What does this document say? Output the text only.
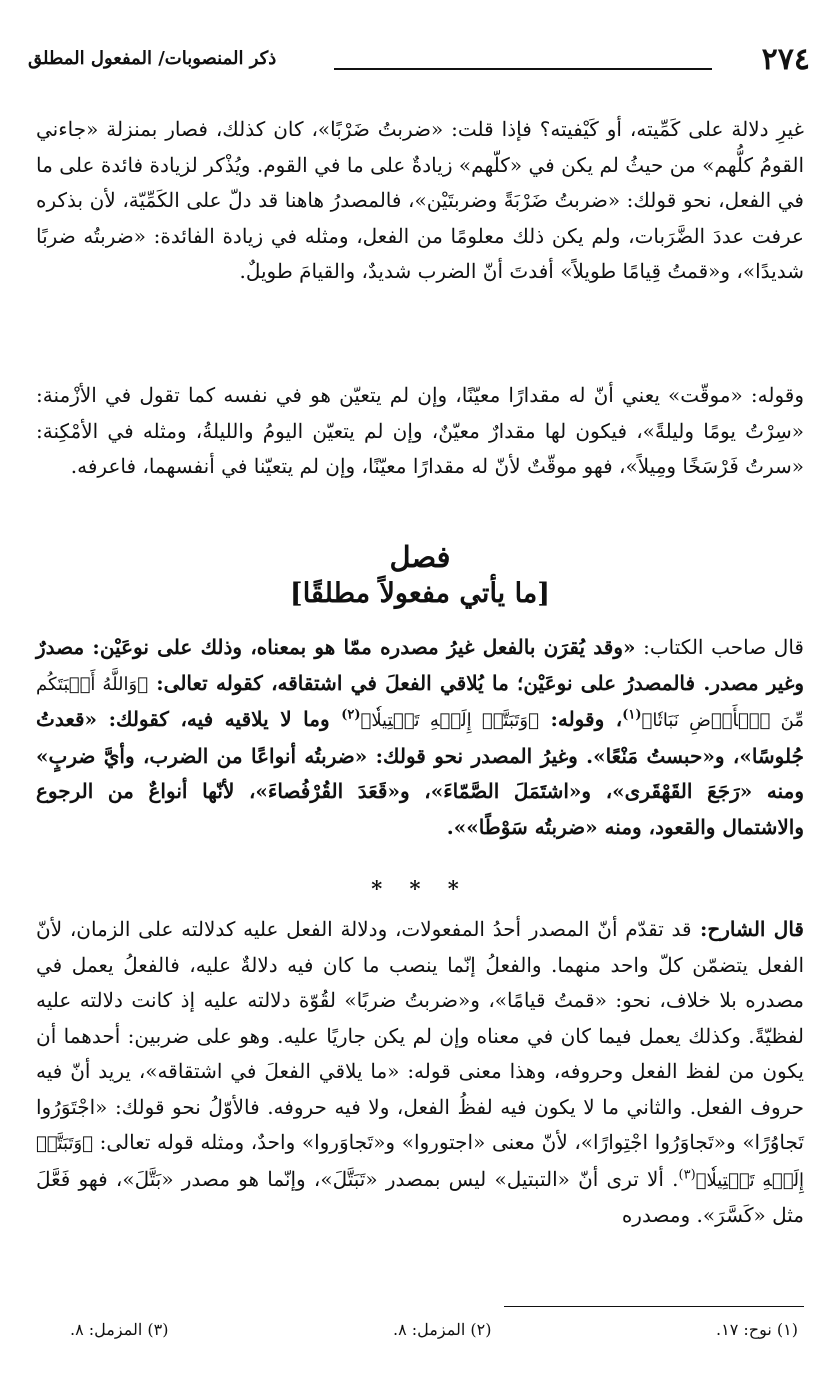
٢٧٤
ذكر المنصوبات/ المفعول المطلق

غيرِ دلالة على كَمِّيته، أو كَيْفيته؟ فإذا قلت: «ضربتُ ضَرْبًا»، كان كذلك، فصار بمنزلة «جاءني القومُ كلُّهم» من حيثُ لم يكن في «كلّهم» زيادةٌ على ما في القوم. ويُذْكر لزيادة فائدة على ما في الفعل، نحو قولك: «ضربتُ ضَرْبَةً وضربتَيْن»، فالمصدرُ هاهنا قد دلّ على الكَمِّيّة، لأن بذكره عرفت عددَ الضَّرَبات، ولم يكن ذلك معلومًا من الفعل، ومثله في زيادة الفائدة: «ضربتُه ضربًا شديدًا»، و«قمتُ قِيامًا طويلاً» أفدتَ أنّ الضرب شديدٌ، والقيامَ طويلٌ.

وقوله: «موقّت» يعني أنّ له مقدارًا معيّنًا، وإن لم يتعيّن هو في نفسه كما تقول في الأزْمنة: «سِرْتُ يومًا وليلةً»، فيكون لها مقدارٌ معيّنٌ، وإن لم يتعيّن اليومُ والليلةُ، ومثله في الأمْكِنة: «سرتُ فَرْسَخًا ومِيلاً»، فهو موقّتٌ لأنّ له مقدارًا معيّنًا، وإن لم يتعيّنا في أنفسهما، فاعرفه.

فصل
[ما يأتي مفعولاً مطلقًا]

قال صاحب الكتاب: «وقد يُقرَن بالفعل غيرُ مصدره ممّا هو بمعناه، وذلك على نوعَيْن: مصدرٌ وغير مصدر. فالمصدرُ على نوعَيْن؛ ما يُلاقي الفعلَ في اشتقاقه، كقوله تعالى: ﴿وَاللَّهُ أَنۢبَتَكُم مِّنَ ٱلۡأَرۡضِ نَبَاتٗا﴾$^{(١)}$، وقوله: ﴿وَتَبَتَّلۡ إِلَيۡهِ تَبۡتِيلٗا﴾$^{(٢)}$ وما لا يلاقيه فيه، كقولك: «قعدتُ جُلوسًا»، و«حبستُ مَنْعًا». وغيرُ المصدر نحو قولك: «ضربتُه أنواعًا من الضرب، وأيَّ ضربٍ» ومنه «رَجَعَ القَهْقَرى»، و«اشتَمَلَ الصَّمّاءَ»، و«قَعَدَ القُرْفُصاءَ»، لأنّها أنواعٌ من الرجوع والاشتمال والقعود، ومنه «ضربتُه سَوْطًا»».

* * *

قال الشارح: قد تقدّم أنّ المصدر أحدُ المفعولات، ودلالة الفعل عليه كدلالته على الزمان، لأنّ الفعل يتضمّن كلّ واحد منهما. والفعلُ إنّما ينصب ما كان فيه دلالةٌ عليه، فالفعلُ يعمل في مصدره بلا خلاف، نحو: «قمتُ قيامًا»، و«ضربتُ ضربًا» لقُوّة دلالته عليه إذ كانت دلالته عليه لفظيّةً. وكذلك يعمل فيما كان في معناه وإن لم يكن جاريًا عليه. وهو على ضربين: أحدهما أن يكون من لفظ الفعل وحروفه، وهذا معنى قوله: «ما يلاقي الفعلَ في اشتقاقه»، يريد أنّ فيه حروف الفعل. والثاني ما لا يكون فيه لفظُ الفعل، ولا فيه حروفه. فالأوّلُ نحو قولك: «اجْتَوَرُوا تَجاوُرًا» و«تَجاوَرُوا اجْتِوارًا»، لأنّ معنى «اجتوروا» و«تَجاوَروا» واحدٌ، ومثله قوله تعالى: ﴿وَتَبَتَّلۡ إِلَيۡهِ تَبۡتِيلٗا﴾$^{(٣)}$. ألا ترى أنّ «التبتيل» ليس بمصدر «تَبَتَّلَ»، وإنّما هو مصدر «بَتَّلَ»، فهو فَعَّلَ مثل «كَسَّرَ». ومصدره

(١) نوح: ١٧.
(٢) المزمل: ٨.
(٣) المزمل: ٨.
